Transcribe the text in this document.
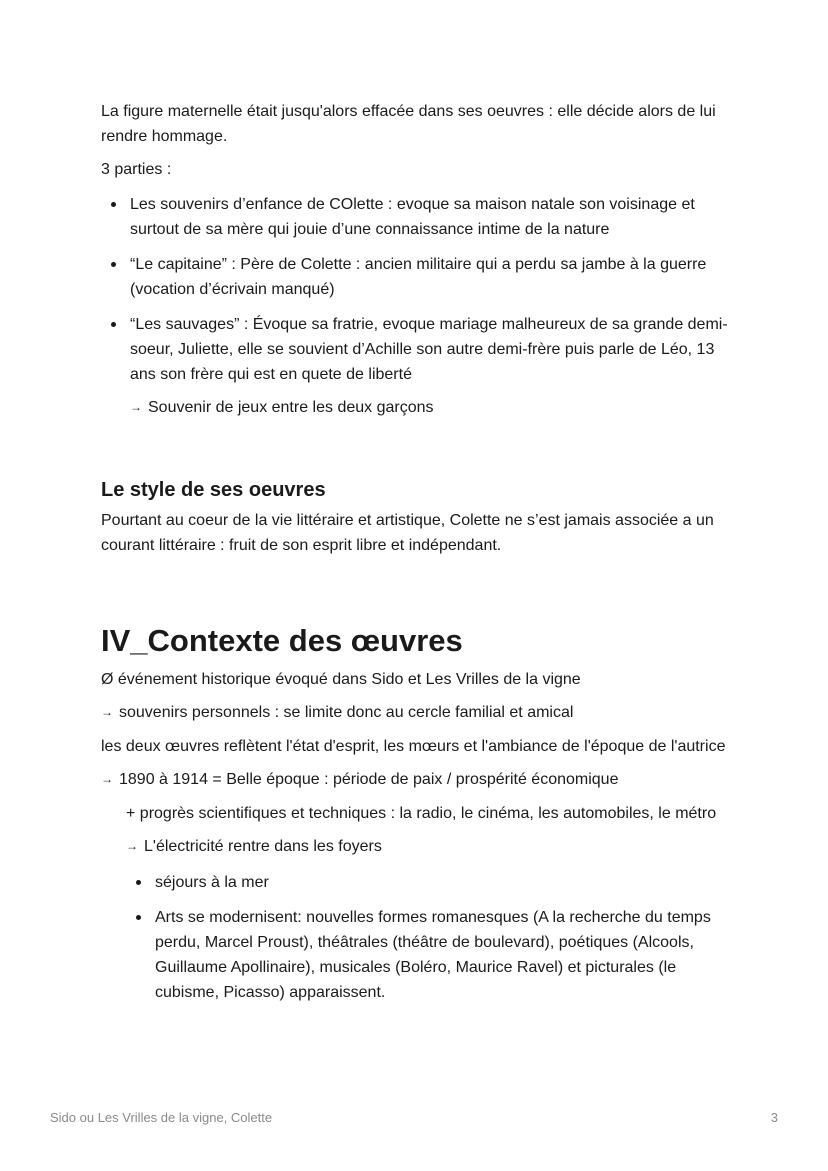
La figure maternelle était jusqu'alors effacée dans ses oeuvres : elle décide alors de lui rendre hommage.

3 parties :

Les souvenirs d’enfance de COlette : evoque sa maison natale son voisinage et surtout de sa mère qui jouie d’une connaissance intime de la nature
“Le capitaine” : Père de Colette : ancien militaire qui a perdu sa jambe à la guerre (vocation d’écrivain manqué)
“Les sauvages” : Évoque sa fratrie, evoque mariage malheureux de sa grande demi-soeur, Juliette, elle se souvient d’Achille son autre demi-frère puis parle de Léo, 13 ans son frère qui est en quete de liberté
→ Souvenir de jeux entre les deux garçons
Le style de ses oeuvres

Pourtant au coeur de la vie littéraire et artistique, Colette ne s’est jamais associée a un courant littéraire : fruit de son esprit libre et indépendant.

IV_Contexte des œuvres

Ø événement historique évoqué dans Sido et Les Vrilles de la vigne

→ souvenirs personnels : se limite donc au cercle familial et amical

les deux œuvres reflètent l'état d'esprit, les mœurs et l'ambiance de l'époque de l'autrice

→ 1890 à 1914 = Belle époque : période de paix / prospérité économique

+ progrès scientifiques et techniques : la radio, le cinéma, les automobiles, le métro

→ L'électricité rentre dans les foyers

séjours à la mer
Arts se modernisent: nouvelles formes romanesques (A la recherche du temps perdu, Marcel Proust), théâtrales (théâtre de boulevard), poétiques (Alcools, Guillaume Apollinaire), musicales (Boléro, Maurice Ravel) et picturales (le cubisme, Picasso) apparaissent.
Sido ou Les Vrilles de la vigne, Colette	3
